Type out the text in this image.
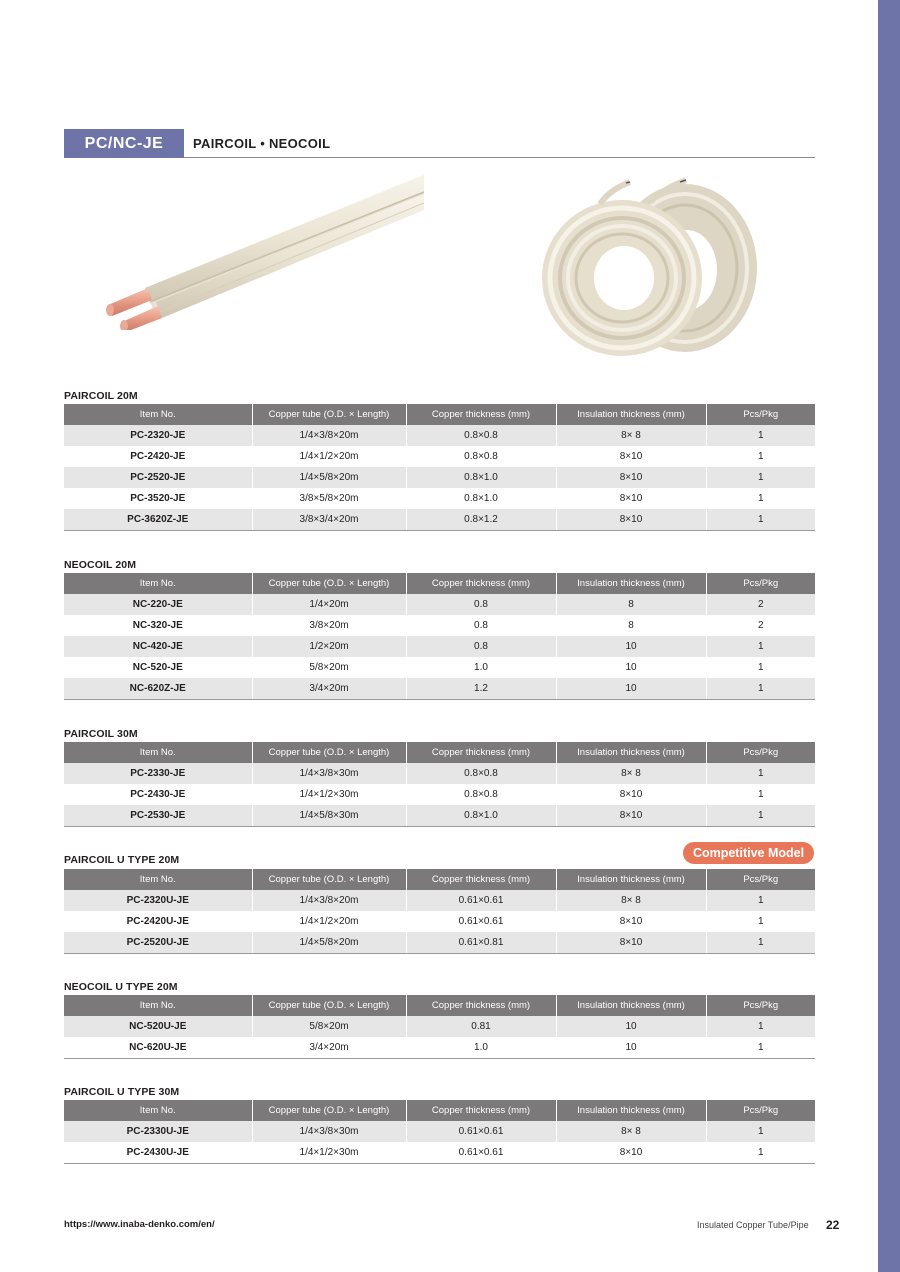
PC/NC-JE	PAIRCOIL • NEOCOIL
PAIRCOIL 20M
Item No.	Copper tube (O.D. × Length)	Copper thickness (mm)	Insulation thickness (mm)	Pcs/Pkg
PC-2320-JE	1/4×3/8×20m	0.8×0.8	8× 8	1
PC-2420-JE	1/4×1/2×20m	0.8×0.8	8×10	1
PC-2520-JE	1/4×5/8×20m	0.8×1.0	8×10	1
PC-3520-JE	3/8×5/8×20m	0.8×1.0	8×10	1
PC-3620Z-JE	3/8×3/4×20m	0.8×1.2	8×10	1
NEOCOIL 20M
Item No.	Copper tube (O.D. × Length)	Copper thickness (mm)	Insulation thickness (mm)	Pcs/Pkg
NC-220-JE	1/4×20m	0.8	8	2
NC-320-JE	3/8×20m	0.8	8	2
NC-420-JE	1/2×20m	0.8	10	1
NC-520-JE	5/8×20m	1.0	10	1
NC-620Z-JE	3/4×20m	1.2	10	1
PAIRCOIL 30M
Item No.	Copper tube (O.D. × Length)	Copper thickness (mm)	Insulation thickness (mm)	Pcs/Pkg
PC-2330-JE	1/4×3/8×30m	0.8×0.8	8× 8	1
PC-2430-JE	1/4×1/2×30m	0.8×0.8	8×10	1
PC-2530-JE	1/4×5/8×30m	0.8×1.0	8×10	1
Competitive Model
PAIRCOIL U TYPE 20M
Item No.	Copper tube (O.D. × Length)	Copper thickness (mm)	Insulation thickness (mm)	Pcs/Pkg
PC-2320U-JE	1/4×3/8×20m	0.61×0.61	8× 8	1
PC-2420U-JE	1/4×1/2×20m	0.61×0.61	8×10	1
PC-2520U-JE	1/4×5/8×20m	0.61×0.81	8×10	1
NEOCOIL U TYPE 20M
Item No.	Copper tube (O.D. × Length)	Copper thickness (mm)	Insulation thickness (mm)	Pcs/Pkg
NC-520U-JE	5/8×20m	0.81	10	1
NC-620U-JE	3/4×20m	1.0	10	1
PAIRCOIL U TYPE 30M
Item No.	Copper tube (O.D. × Length)	Copper thickness (mm)	Insulation thickness (mm)	Pcs/Pkg
PC-2330U-JE	1/4×3/8×30m	0.61×0.61	8× 8	1
PC-2430U-JE	1/4×1/2×30m	0.61×0.61	8×10	1
https://www.inaba-denko.com/en/	Insulated Copper Tube/Pipe 22
